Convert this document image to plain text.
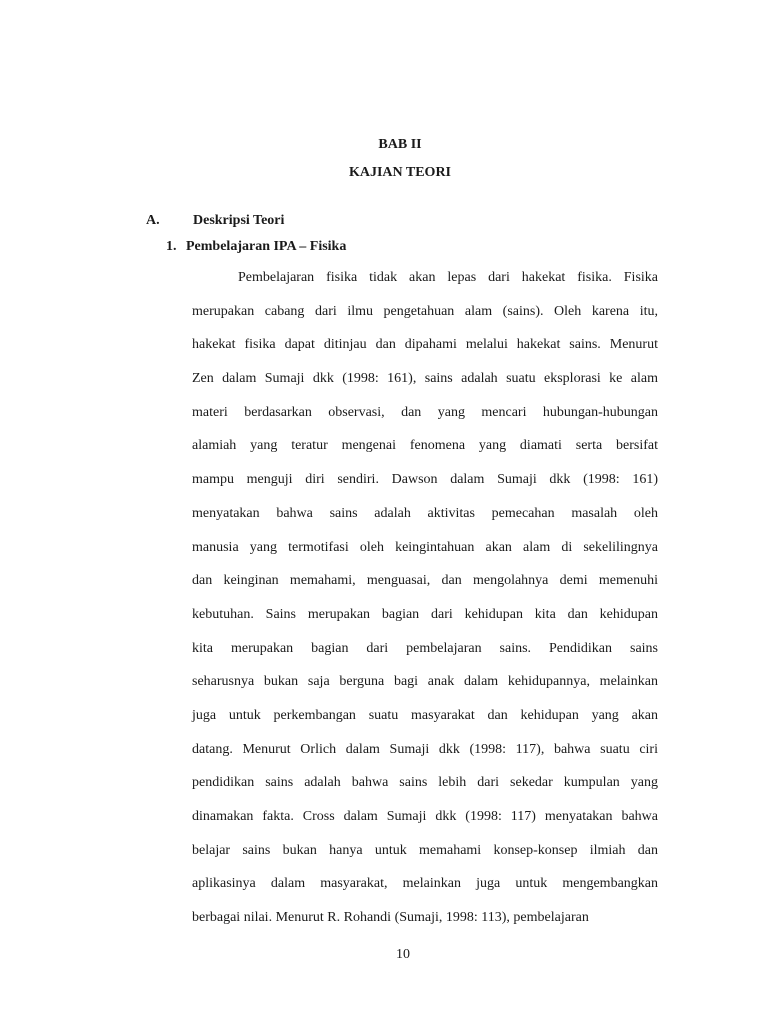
BAB II
KAJIAN TEORI
A. Deskripsi Teori
1. Pembelajaran IPA – Fisika
Pembelajaran fisika tidak akan lepas dari hakekat fisika. Fisika
merupakan cabang dari ilmu pengetahuan alam (sains). Oleh karena itu,
hakekat fisika dapat ditinjau dan dipahami melalui hakekat sains. Menurut
Zen dalam Sumaji dkk (1998: 161), sains adalah suatu eksplorasi ke alam
materi berdasarkan observasi, dan yang mencari hubungan-hubungan
alamiah yang teratur mengenai fenomena yang diamati serta bersifat
mampu menguji diri sendiri. Dawson dalam Sumaji dkk (1998: 161)
menyatakan bahwa sains adalah aktivitas pemecahan masalah oleh
manusia yang termotifasi oleh keingintahuan akan alam di sekelilingnya
dan keinginan memahami, menguasai, dan mengolahnya demi memenuhi
kebutuhan. Sains merupakan bagian dari kehidupan kita dan kehidupan
kita merupakan bagian dari pembelajaran sains. Pendidikan sains
seharusnya bukan saja berguna bagi anak dalam kehidupannya, melainkan
juga untuk perkembangan suatu masyarakat dan kehidupan yang akan
datang. Menurut Orlich dalam Sumaji dkk (1998: 117), bahwa suatu ciri
pendidikan sains adalah bahwa sains lebih dari sekedar kumpulan yang
dinamakan fakta. Cross dalam Sumaji dkk (1998: 117) menyatakan bahwa
belajar sains bukan hanya untuk memahami konsep-konsep ilmiah dan
aplikasinya dalam masyarakat, melainkan juga untuk mengembangkan
berbagai nilai. Menurut R. Rohandi (Sumaji, 1998: 113), pembelajaran
10
